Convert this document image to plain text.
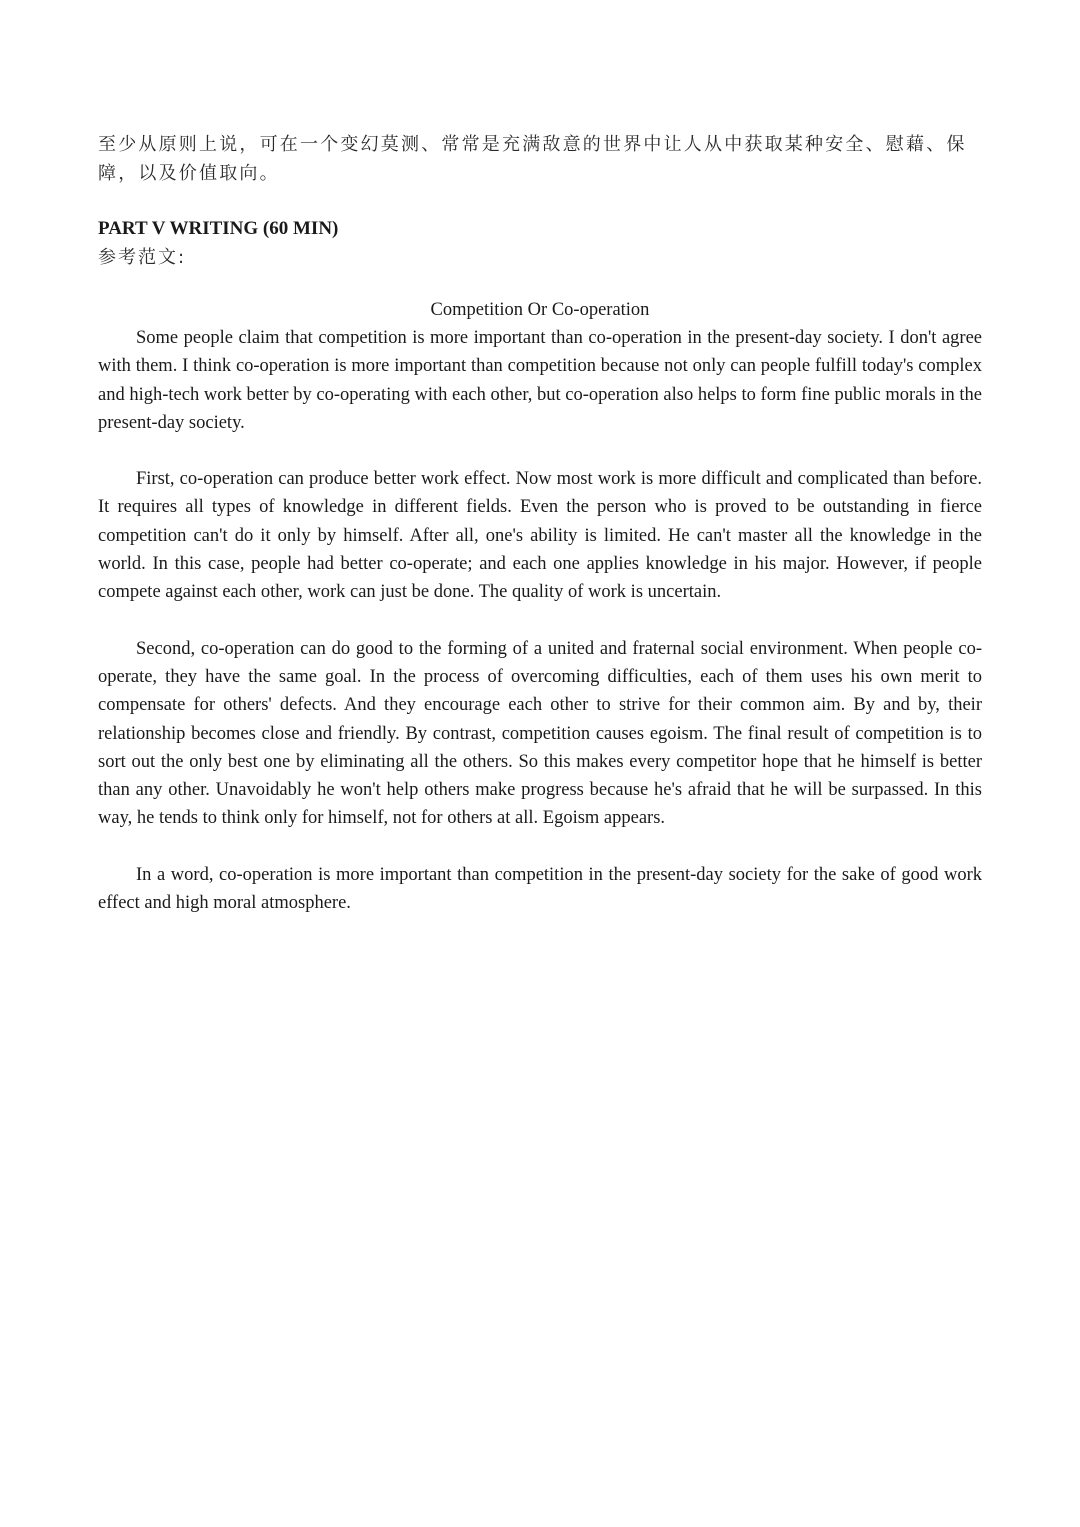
至少从原则上说，可在一个变幻莫测、常常是充满敌意的世界中让人从中获取某种安全、慰藉、保障，以及价值取向。

PART V WRITING (60 MIN)

参考范文:

Competition Or Co-operation

Some people claim that competition is more important than co-operation in the present-day society. I don't agree with them. I think co-operation is more important than competition because not only can people fulfill today's complex and high-tech work better by co-operating with each other, but co-operation also helps to form fine public morals in the present-day society.

First, co-operation can produce better work effect. Now most work is more difficult and complicated than before. It requires all types of knowledge in different fields. Even the person who is proved to be outstanding in fierce competition can't do it only by himself. After all, one's ability is limited. He can't master all the knowledge in the world. In this case, people had better co-operate; and each one applies knowledge in his major. However, if people compete against each other, work can just be done. The quality of work is uncertain.

Second, co-operation can do good to the forming of a united and fraternal social environment. When people co-operate, they have the same goal. In the process of overcoming difficulties, each of them uses his own merit to compensate for others' defects. And they encourage each other to strive for their common aim. By and by, their relationship becomes close and friendly. By contrast, competition causes egoism. The final result of competition is to sort out the only best one by eliminating all the others. So this makes every competitor hope that he himself is better than any other. Unavoidably he won't help others make progress because he's afraid that he will be surpassed. In this way, he tends to think only for himself, not for others at all. Egoism appears.

In a word, co-operation is more important than competition in the present-day society for the sake of good work effect and high moral atmosphere.
